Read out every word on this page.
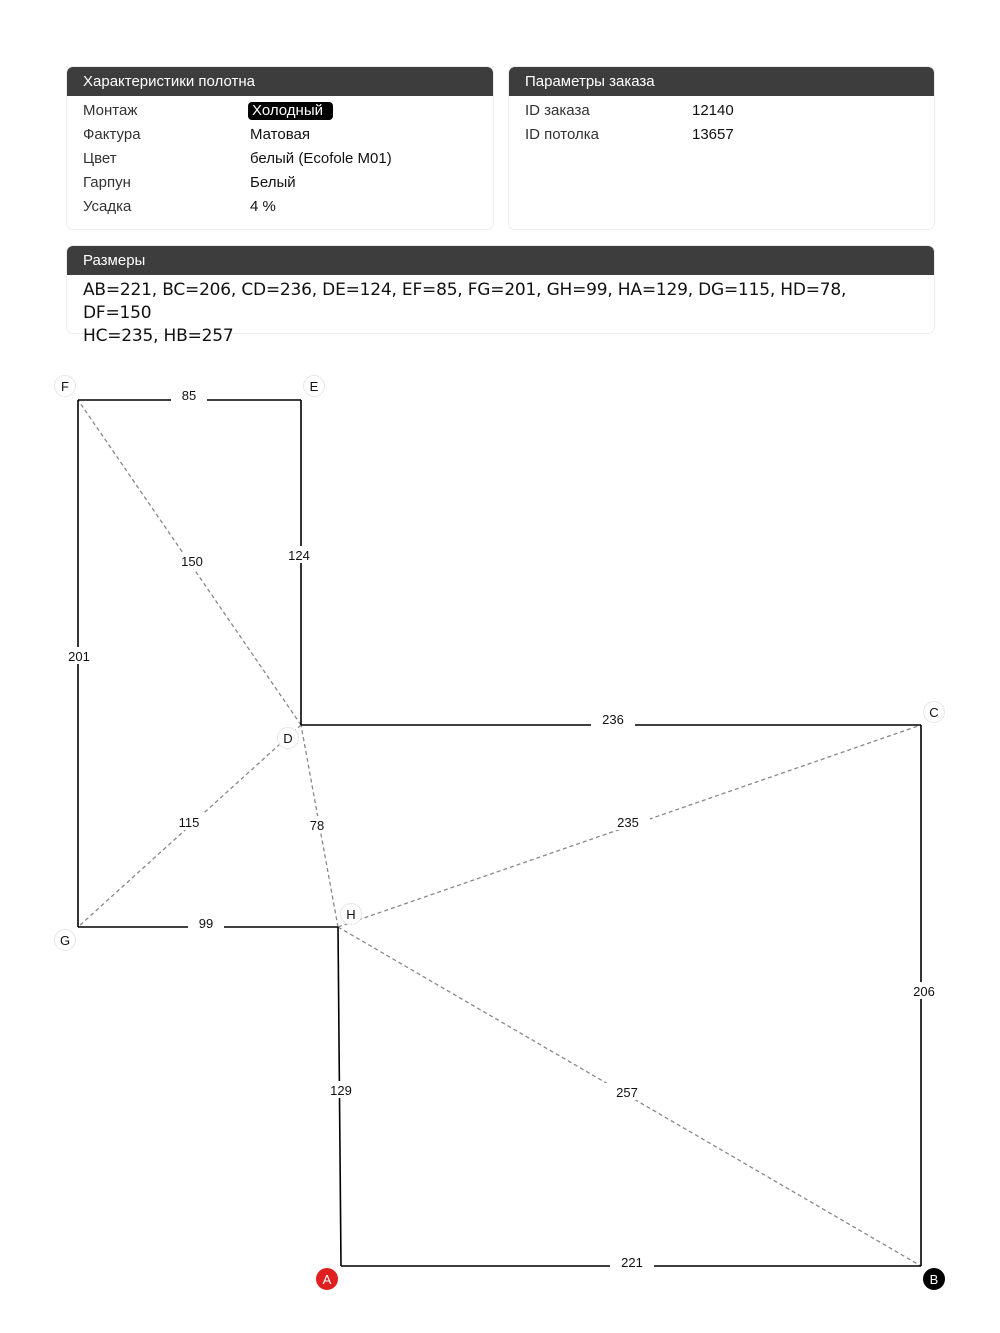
Характеристики полотна
Монтаж	Холодный
Фактура	Матовая
Цвет	белый (Ecofole M01)
Гарпун	Белый
Усадка	4 %
Параметры заказа
ID заказа	12140
ID потолка	13657
Размеры
AB=221, BC=206, CD=236, DE=124, EF=85, FG=201, GH=99, HA=129, DG=115, HD=78, DF=150
HC=235, HB=257
115	78
150
235
257
221
206
236
124
85
201
99
129
A	B
C
D
E
F
G
H
